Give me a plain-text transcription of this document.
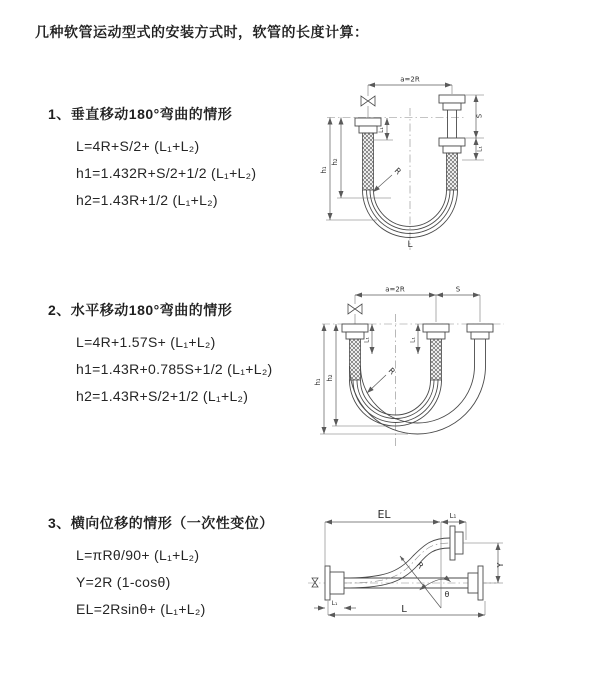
几种软管运动型式的安装方式时，软管的长度计算：
1、垂直移动180°弯曲的情形
L=4R+S/2+ (L₁+L₂)
h1=1.432R+S/2+1/2 (L₁+L₂)
h2=1.43R+1/2 (L₁+L₂)
2、水平移动180°弯曲的情形
L=4R+1.57S+ (L₁+L₂)
h1=1.43R+0.785S+1/2 (L₁+L₂)
h2=1.43R+S/2+1/2 (L₁+L₂)
3、横向位移的情形（一次性变位）
L=πRθ/90+ (L₁+L₂)
Y=2R (1-cosθ)
EL=2Rsinθ+ (L₁+L₂)
a=2R
h₁
h₂
L₁
S
L₁
R
L
a=2R	S
h₁
h₂
L₁	L₁
R
EL	L₁
Y
R
θ
L
L₁
